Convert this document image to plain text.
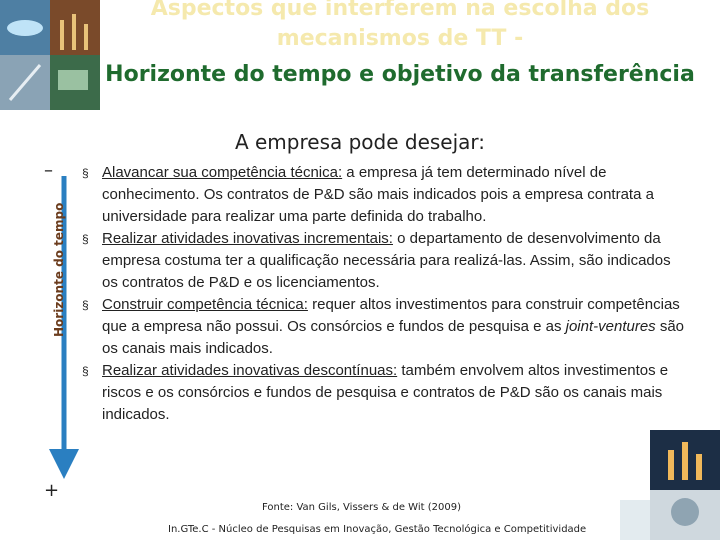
Aspectos que interferem na escolha dos
mecanismos de TT -
Horizonte do tempo e objetivo da transferência
A empresa pode desejar:
–
Horizonte do tempo
+
§ Alavancar sua competência técnica: a empresa já tem determinado nível de conhecimento. Os contratos de P&D são mais indicados pois a empresa contrata a universidade para realizar uma parte definida do trabalho.
§ Realizar atividades inovativas incrementais: o departamento de desenvolvimento da empresa costuma ter a qualificação necessária para realizá-las. Assim, são indicados os contratos de P&D e os licenciamentos.
§ Construir competência técnica: requer altos investimentos para construir competências que a empresa não possui. Os consórcios e fundos de pesquisa e as joint-ventures são os canais mais indicados.
§ Realizar atividades inovativas descontínuas: também envolvem altos investimentos e riscos e os consórcios e fundos de pesquisa e contratos de P&D são os canais mais indicados.
Fonte: Van Gils, Vissers & de Wit (2009)
In.GTe.C - Núcleo de Pesquisas em Inovação, Gestão Tecnológica e Competitividade
